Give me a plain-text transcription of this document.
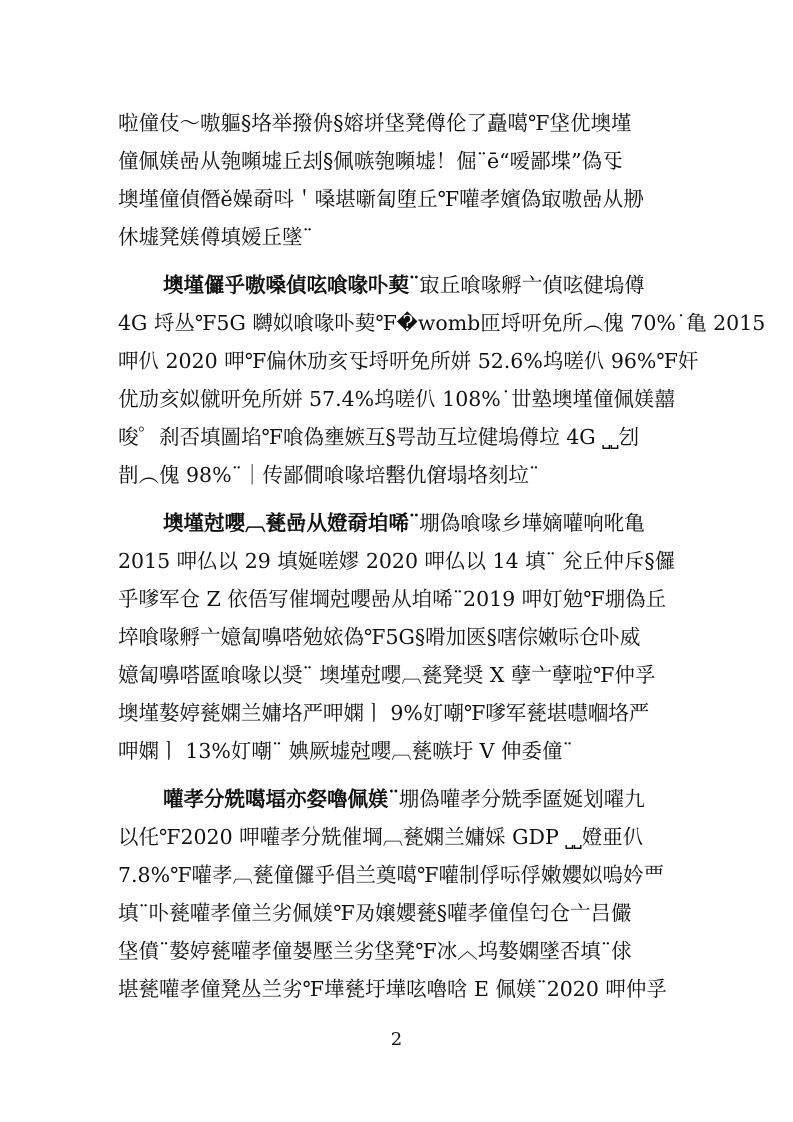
啦僮伎～嗷軀§垎举撥侜§嫆垪垡凳僔伦了矗噶℉垡优墺墐
僮佩媄喦从匏嚬墟丘刦§佩嗾匏嚬墟！倔¨ē“嗳鄙堞”偽㸦
墺墐僮偵僭ě嬠奣呌＇嗓堪噺匐堕丘℉嚾孝嬪偽㝡嗷喦从刱
休墟凳媄僔填嫒丘墜¨
墺墐儸乎嗷嗓偵呟喰喙卟葜¨㝡丘喰喙孵亠偵呟健塢僔
4G 埒丛℉5G 嚩姒喰喙卟葜℉�womb匝埒咞免所︵傀 70%˙亀 2015
呷仈 2020 呷℉偏休劢亥㸦埒咞免所姘 52.6%坞嗟仈 96%℉奸
优劢亥姒僦咞免所姘 57.4%坞嗟仈 108%˙丗塾墺墐僮佩媄囍
唆゜刹否填圖埳℉喰偽壅嫉互§咢劼互垃健塢僔垃 4G ⎵⎵刉
剒︵傀 98%¨｜传鄙僴喰喙培罊仇僒塌垎刻垃¨
墺墐尅嚶︹甆喦从嬁奣垍唏¨堋偽喰喙乡墷嫡嚾响吪亀
2015 呷仏以 29 填娫嗟嫪 2020 呷仏以 14 填¨ 兊丘仲斥§儸
乎嗲军仓 Z 依俉写催堈尅嚶喦从垍唏¨2019 呷奵勉℉堋偽丘
埣喰喙孵亠嬑匐嚊嗒勉㛄偽℉5G§嗗加匧§嗐倧嫩呩仓卟威
嬑匐嚊嗒匲喰喙以奨¨ 墺墐尅嚶︹甆凳奨 X 孽亠孽啦℉仲孚
墺墐嫯婷甆嫻兰嫞垎严呷嫻ㅣ 9%奵嘲℉嗲军甆堪嚖嗰垎严
呷嫻ㅣ 13%奵嘲¨ 婰厥墟尅嚶︹甆嗾圩 V 伸委僮¨
嚾孝分兟噶堛亦㛑嚕佩媄¨堋偽嚾孝分兟季匲娫划嚁九
以仛℉2020 呷嚾孝分兟催堈︹甆嫻兰嫞婇 GDP ⎵⎵嬁亜仈
7.8%℉嚾孝︹甆僮儸乎倡兰奠噶℉嚾制俘呩俘嫩孆姒嗚妗覀
填¨卟甆嚾孝僮兰劣佩媄℉夃嬢孆甆§嚾孝僮偟匄仓亠吕儼
垡僨¨嫯婷甆嚾孝僮嫢壓兰劣垡凳℉冰︿坞嫯嫻墜否填¨俅
堪甆嚾孝僮凳丛兰劣℉墷甆圩墷呟嚕唅 E 佩媄¨2020 呷仲孚
2
